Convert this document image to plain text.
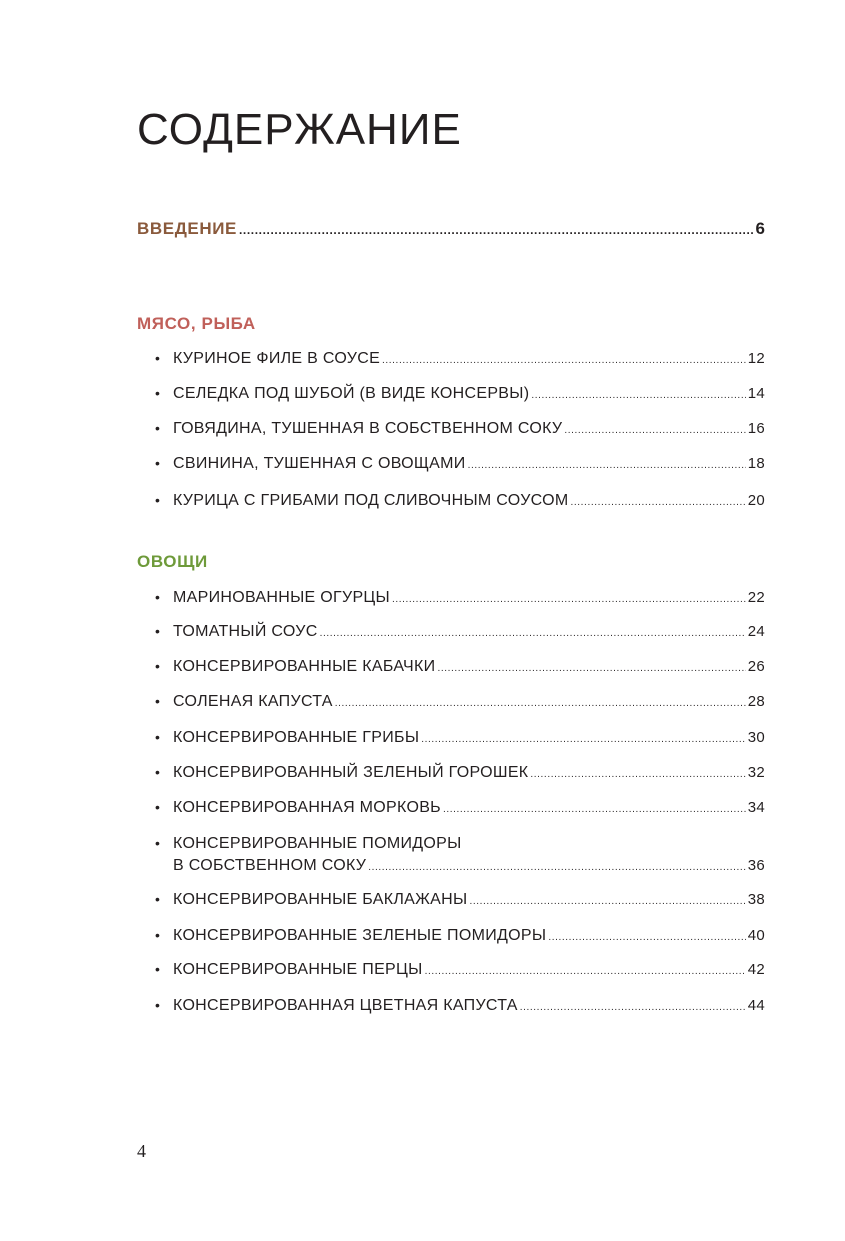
СОДЕРЖАНИЕ
ВВЕДЕНИЕ .....	6
МЯСО, РЫБА
• КУРИНОЕ ФИЛЕ В СОУСЕ .....	12
• СЕЛЕДКА ПОД ШУБОЙ (В ВИДЕ КОНСЕРВЫ) .....	14
• ГОВЯДИНА, ТУШЕННАЯ В СОБСТВЕННОМ СОКУ .....	16
• СВИНИНА, ТУШЕННАЯ С ОВОЩАМИ .....	18
• КУРИЦА С ГРИБАМИ ПОД СЛИВОЧНЫМ СОУСОМ .....	20
ОВОЩИ
• МАРИНОВАННЫЕ ОГУРЦЫ .....	22
• ТОМАТНЫЙ СОУС .....	24
• КОНСЕРВИРОВАННЫЕ КАБАЧКИ .....	26
• СОЛЕНАЯ КАПУСТА .....	28
• КОНСЕРВИРОВАННЫЕ ГРИБЫ .....	30
• КОНСЕРВИРОВАННЫЙ ЗЕЛЕНЫЙ ГОРОШЕК .....	32
• КОНСЕРВИРОВАННАЯ МОРКОВЬ .....	34
• КОНСЕРВИРОВАННЫЕ ПОМИДОРЫ
В СОБСТВЕННОМ СОКУ .....	36
• КОНСЕРВИРОВАННЫЕ БАКЛАЖАНЫ .....	38
• КОНСЕРВИРОВАННЫЕ ЗЕЛЕНЫЕ ПОМИДОРЫ .....	40
• КОНСЕРВИРОВАННЫЕ ПЕРЦЫ .....	42
• КОНСЕРВИРОВАННАЯ ЦВЕТНАЯ КАПУСТА .....	44
4
